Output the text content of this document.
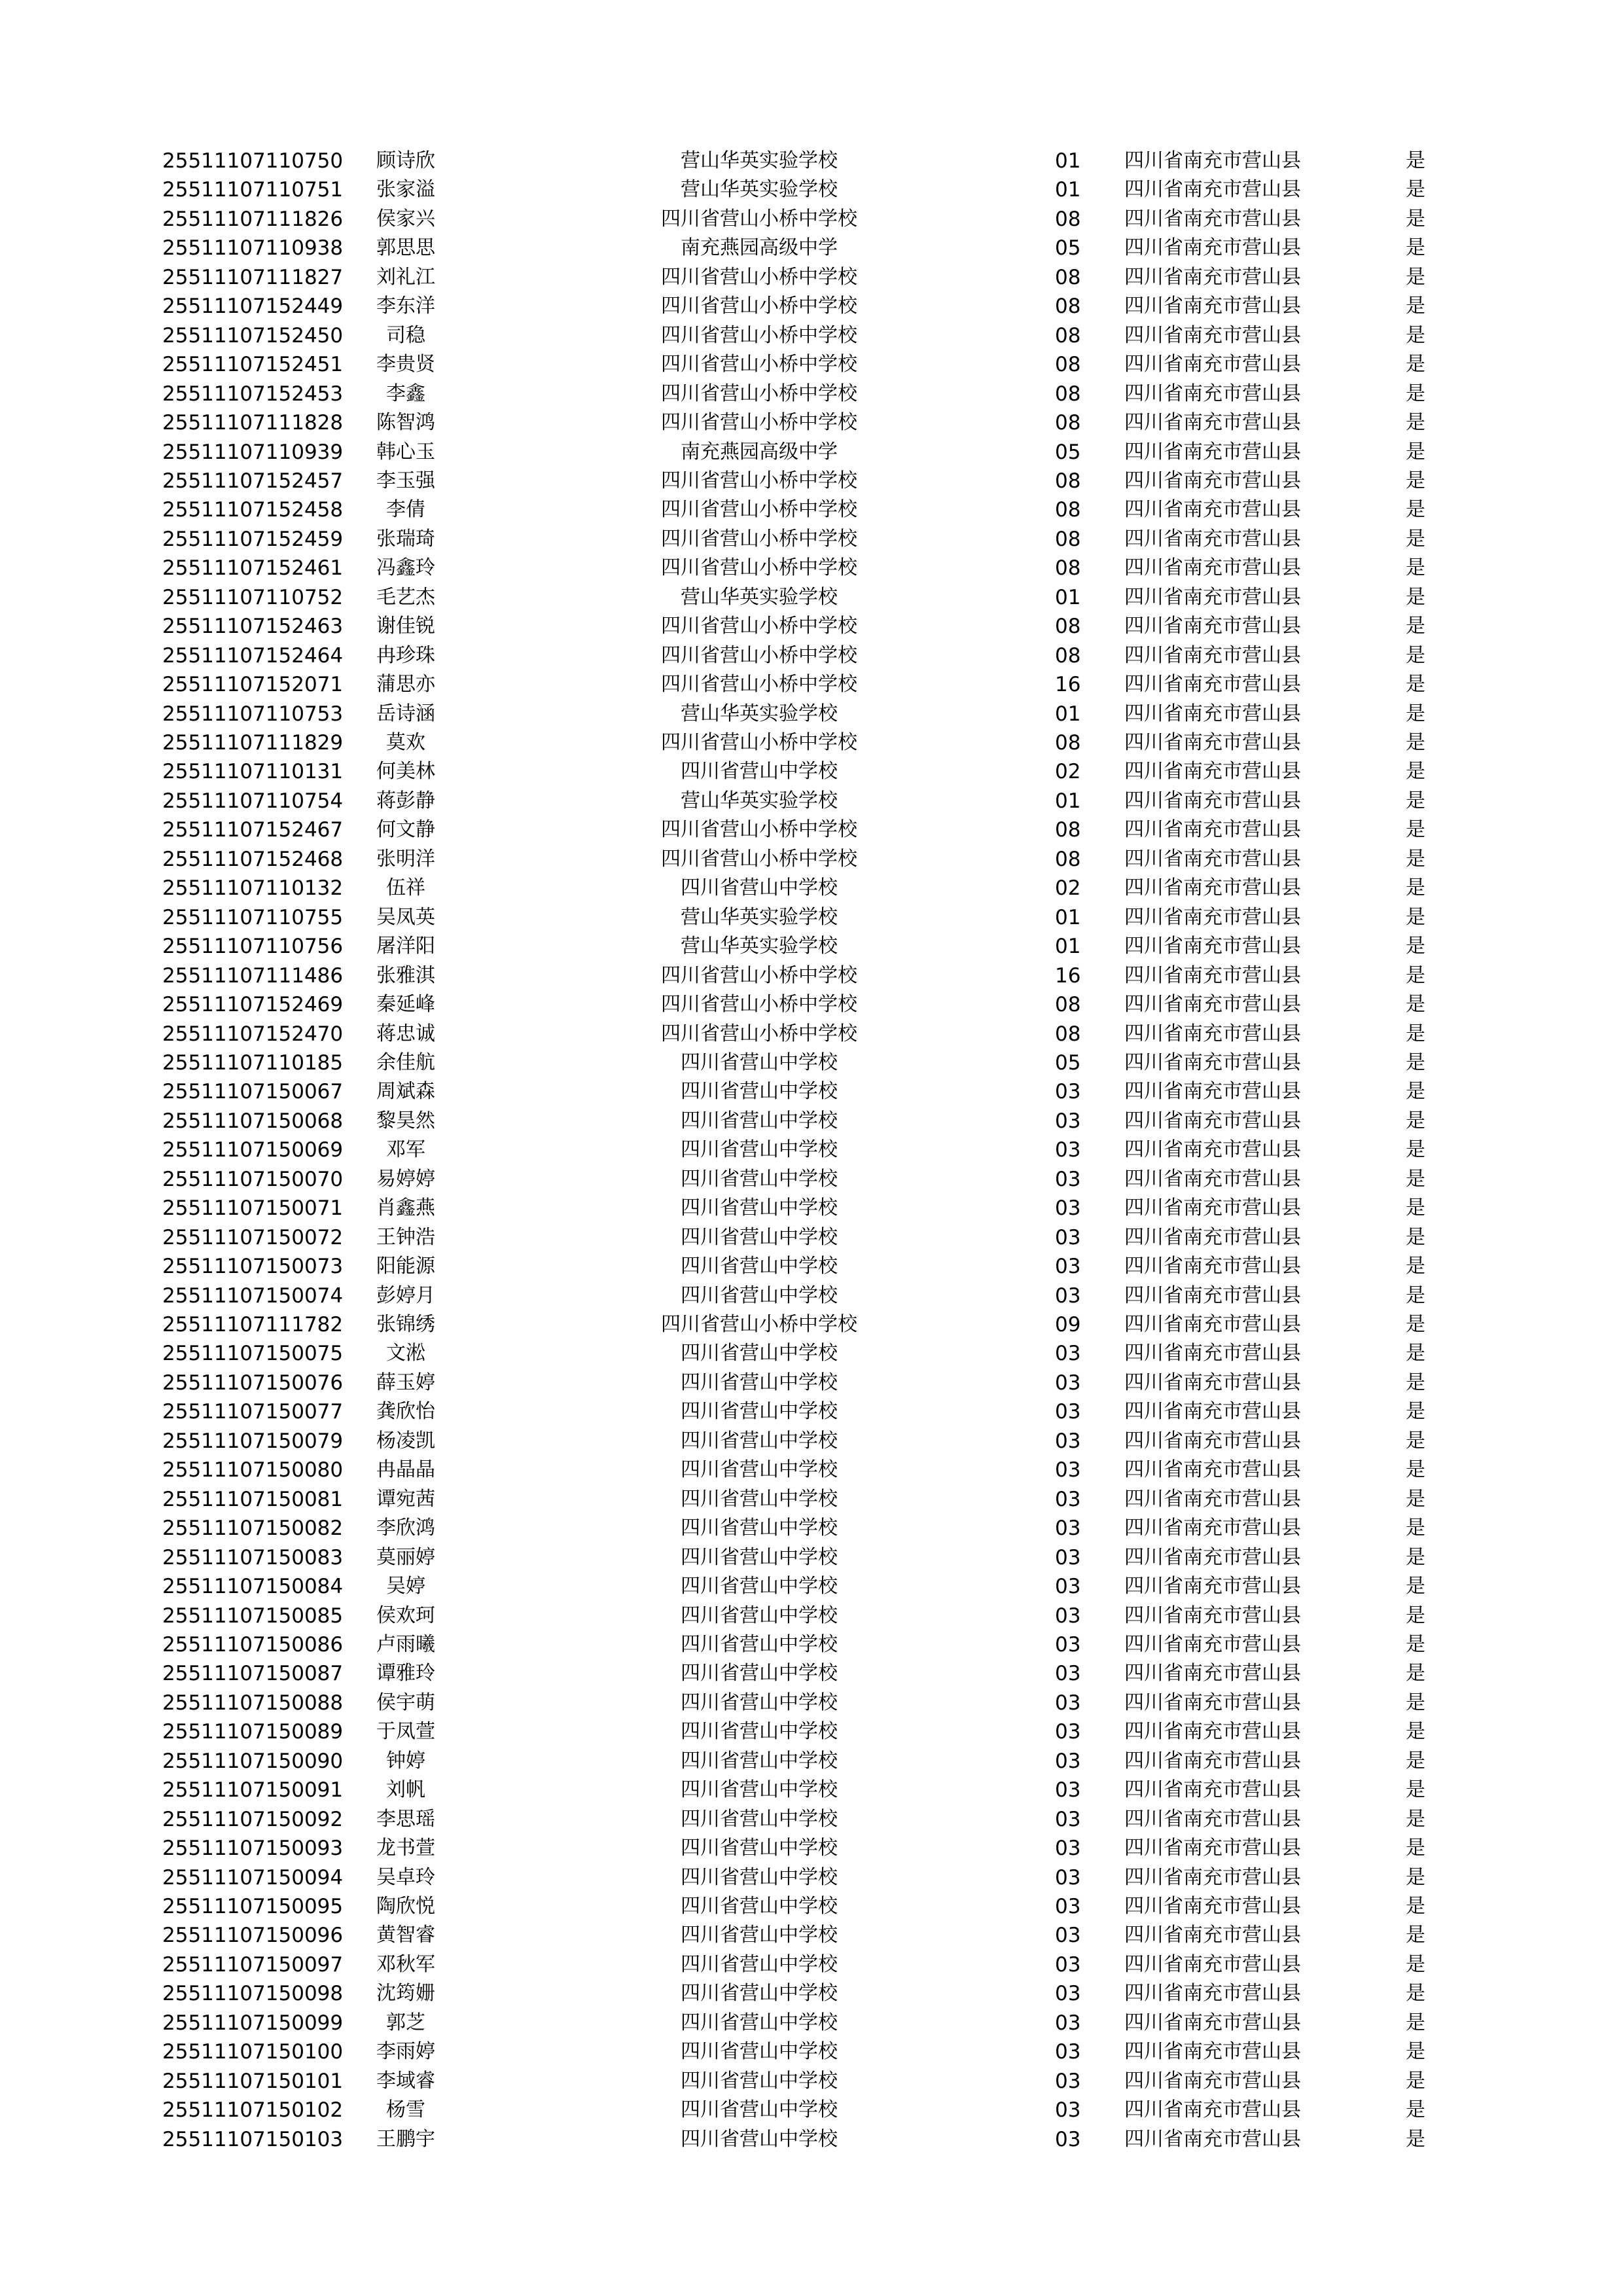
25511107110750	顾诗欣	营山华英实验学校	01	四川省南充市营山县	是
25511107110751	张家溢	营山华英实验学校	01	四川省南充市营山县	是
25511107111826	侯家兴	四川省营山小桥中学校	08	四川省南充市营山县	是
25511107110938	郭思思	南充燕园高级中学	05	四川省南充市营山县	是
25511107111827	刘礼江	四川省营山小桥中学校	08	四川省南充市营山县	是
25511107152449	李东洋	四川省营山小桥中学校	08	四川省南充市营山县	是
25511107152450	司稳	四川省营山小桥中学校	08	四川省南充市营山县	是
25511107152451	李贵贤	四川省营山小桥中学校	08	四川省南充市营山县	是
25511107152453	李鑫	四川省营山小桥中学校	08	四川省南充市营山县	是
25511107111828	陈智鸿	四川省营山小桥中学校	08	四川省南充市营山县	是
25511107110939	韩心玉	南充燕园高级中学	05	四川省南充市营山县	是
25511107152457	李玉强	四川省营山小桥中学校	08	四川省南充市营山县	是
25511107152458	李倩	四川省营山小桥中学校	08	四川省南充市营山县	是
25511107152459	张瑞琦	四川省营山小桥中学校	08	四川省南充市营山县	是
25511107152461	冯鑫玲	四川省营山小桥中学校	08	四川省南充市营山县	是
25511107110752	毛艺杰	营山华英实验学校	01	四川省南充市营山县	是
25511107152463	谢佳锐	四川省营山小桥中学校	08	四川省南充市营山县	是
25511107152464	冉珍珠	四川省营山小桥中学校	08	四川省南充市营山县	是
25511107152071	蒲思亦	四川省营山小桥中学校	16	四川省南充市营山县	是
25511107110753	岳诗涵	营山华英实验学校	01	四川省南充市营山县	是
25511107111829	莫欢	四川省营山小桥中学校	08	四川省南充市营山县	是
25511107110131	何美林	四川省营山中学校	02	四川省南充市营山县	是
25511107110754	蒋彭静	营山华英实验学校	01	四川省南充市营山县	是
25511107152467	何文静	四川省营山小桥中学校	08	四川省南充市营山县	是
25511107152468	张明洋	四川省营山小桥中学校	08	四川省南充市营山县	是
25511107110132	伍祥	四川省营山中学校	02	四川省南充市营山县	是
25511107110755	吴凤英	营山华英实验学校	01	四川省南充市营山县	是
25511107110756	屠洋阳	营山华英实验学校	01	四川省南充市营山县	是
25511107111486	张雅淇	四川省营山小桥中学校	16	四川省南充市营山县	是
25511107152469	秦延峰	四川省营山小桥中学校	08	四川省南充市营山县	是
25511107152470	蒋忠诚	四川省营山小桥中学校	08	四川省南充市营山县	是
25511107110185	余佳航	四川省营山中学校	05	四川省南充市营山县	是
25511107150067	周斌森	四川省营山中学校	03	四川省南充市营山县	是
25511107150068	黎昊然	四川省营山中学校	03	四川省南充市营山县	是
25511107150069	邓军	四川省营山中学校	03	四川省南充市营山县	是
25511107150070	易婷婷	四川省营山中学校	03	四川省南充市营山县	是
25511107150071	肖鑫燕	四川省营山中学校	03	四川省南充市营山县	是
25511107150072	王钟浩	四川省营山中学校	03	四川省南充市营山县	是
25511107150073	阳能源	四川省营山中学校	03	四川省南充市营山县	是
25511107150074	彭婷月	四川省营山中学校	03	四川省南充市营山县	是
25511107111782	张锦绣	四川省营山小桥中学校	09	四川省南充市营山县	是
25511107150075	文淞	四川省营山中学校	03	四川省南充市营山县	是
25511107150076	薛玉婷	四川省营山中学校	03	四川省南充市营山县	是
25511107150077	龚欣怡	四川省营山中学校	03	四川省南充市营山县	是
25511107150079	杨凌凯	四川省营山中学校	03	四川省南充市营山县	是
25511107150080	冉晶晶	四川省营山中学校	03	四川省南充市营山县	是
25511107150081	谭宛茜	四川省营山中学校	03	四川省南充市营山县	是
25511107150082	李欣鸿	四川省营山中学校	03	四川省南充市营山县	是
25511107150083	莫丽婷	四川省营山中学校	03	四川省南充市营山县	是
25511107150084	吴婷	四川省营山中学校	03	四川省南充市营山县	是
25511107150085	侯欢珂	四川省营山中学校	03	四川省南充市营山县	是
25511107150086	卢雨曦	四川省营山中学校	03	四川省南充市营山县	是
25511107150087	谭雅玲	四川省营山中学校	03	四川省南充市营山县	是
25511107150088	侯宇萌	四川省营山中学校	03	四川省南充市营山县	是
25511107150089	于凤萱	四川省营山中学校	03	四川省南充市营山县	是
25511107150090	钟婷	四川省营山中学校	03	四川省南充市营山县	是
25511107150091	刘帆	四川省营山中学校	03	四川省南充市营山县	是
25511107150092	李思瑶	四川省营山中学校	03	四川省南充市营山县	是
25511107150093	龙书萱	四川省营山中学校	03	四川省南充市营山县	是
25511107150094	吴卓玲	四川省营山中学校	03	四川省南充市营山县	是
25511107150095	陶欣悦	四川省营山中学校	03	四川省南充市营山县	是
25511107150096	黄智睿	四川省营山中学校	03	四川省南充市营山县	是
25511107150097	邓秋军	四川省营山中学校	03	四川省南充市营山县	是
25511107150098	沈筠姗	四川省营山中学校	03	四川省南充市营山县	是
25511107150099	郭芝	四川省营山中学校	03	四川省南充市营山县	是
25511107150100	李雨婷	四川省营山中学校	03	四川省南充市营山县	是
25511107150101	李域睿	四川省营山中学校	03	四川省南充市营山县	是
25511107150102	杨雪	四川省营山中学校	03	四川省南充市营山县	是
25511107150103	王鹏宇	四川省营山中学校	03	四川省南充市营山县	是
